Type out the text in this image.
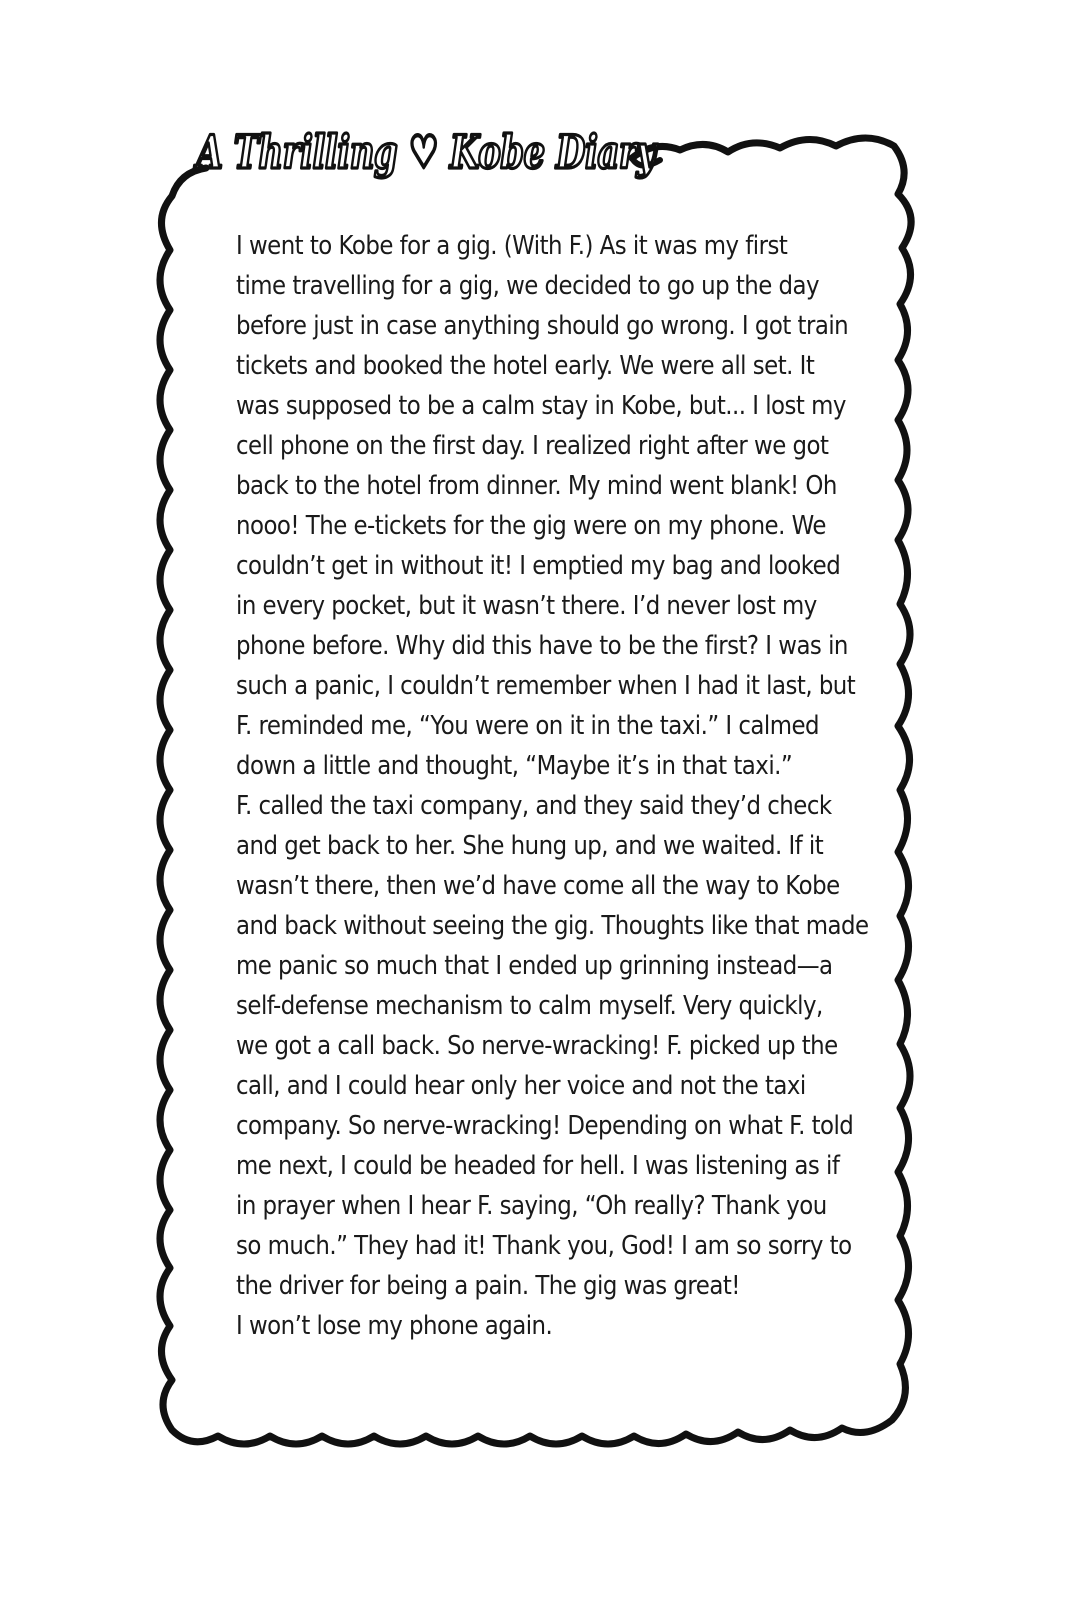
A Thrilling ♡ Kobe Diary
I went to Kobe for a gig. (With F.) As it was my first
time travelling for a gig, we decided to go up the day
before just in case anything should go wrong. I got train
tickets and booked the hotel early. We were all set. It
was supposed to be a calm stay in Kobe, but... I lost my
cell phone on the first day. I realized right after we got
back to the hotel from dinner. My mind went blank! Oh
nooo! The e-tickets for the gig were on my phone. We
couldn’t get in without it! I emptied my bag and looked
in every pocket, but it wasn’t there. I’d never lost my
phone before. Why did this have to be the first? I was in
such a panic, I couldn’t remember when I had it last, but
F. reminded me, “You were on it in the taxi.” I calmed
down a little and thought, “Maybe it’s in that taxi.”
F. called the taxi company, and they said they’d check
and get back to her. She hung up, and we waited. If it
wasn’t there, then we’d have come all the way to Kobe
and back without seeing the gig. Thoughts like that made
me panic so much that I ended up grinning instead—a
self-defense mechanism to calm myself. Very quickly,
we got a call back. So nerve-wracking! F. picked up the
call, and I could hear only her voice and not the taxi
company. So nerve-wracking! Depending on what F. told
me next, I could be headed for hell. I was listening as if
in prayer when I hear F. saying, “Oh really? Thank you
so much.” They had it! Thank you, God! I am so sorry to
the driver for being a pain. The gig was great!
I won’t lose my phone again.
